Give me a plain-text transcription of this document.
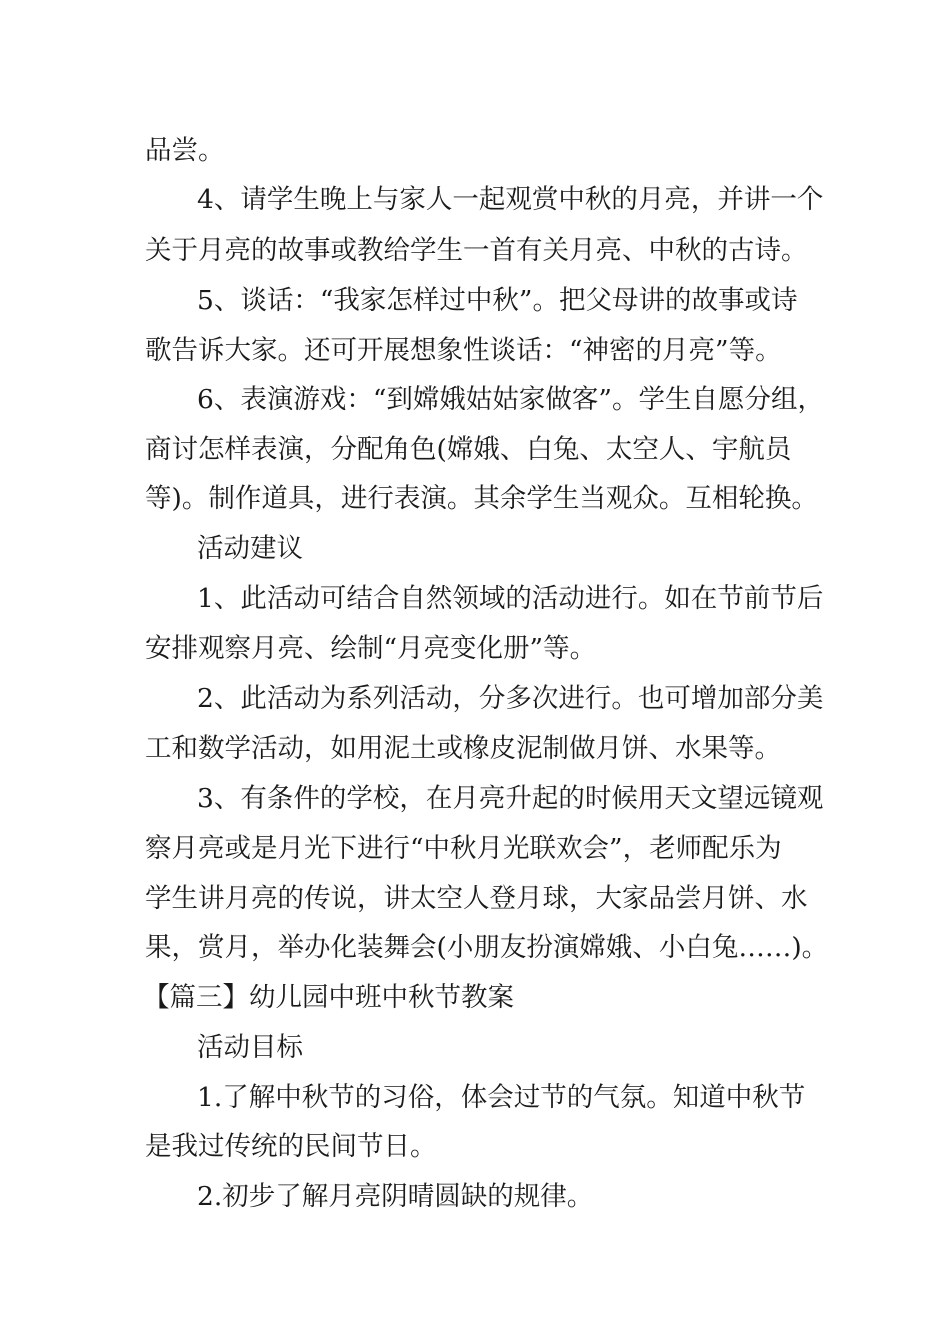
品尝。
4、请学生晚上与家人一起观赏中秋的月亮，并讲一个
关于月亮的故事或教给学生一首有关月亮、中秋的古诗。
5、谈话：“我家怎样过中秋”。把父母讲的故事或诗
歌告诉大家。还可开展想象性谈话：“神密的月亮”等。
6、表演游戏：“到嫦娥姑姑家做客”。学生自愿分组，
商讨怎样表演，分配角色(嫦娥、白兔、太空人、宇航员
等)。制作道具，进行表演。其余学生当观众。互相轮换。
活动建议
1、此活动可结合自然领域的活动进行。如在节前节后
安排观察月亮、绘制“月亮变化册”等。
2、此活动为系列活动，分多次进行。也可增加部分美
工和数学活动，如用泥土或橡皮泥制做月饼、水果等。
3、有条件的学校，在月亮升起的时候用天文望远镜观
察月亮或是月光下进行“中秋月光联欢会”，老师配乐为
学生讲月亮的传说，讲太空人登月球，大家品尝月饼、水
果，赏月，举办化装舞会(小朋友扮演嫦娥、小白兔……)。
【篇三】幼儿园中班中秋节教案
活动目标
1.了解中秋节的习俗，体会过节的气氛。知道中秋节
是我过传统的民间节日。
2.初步了解月亮阴晴圆缺的规律。
